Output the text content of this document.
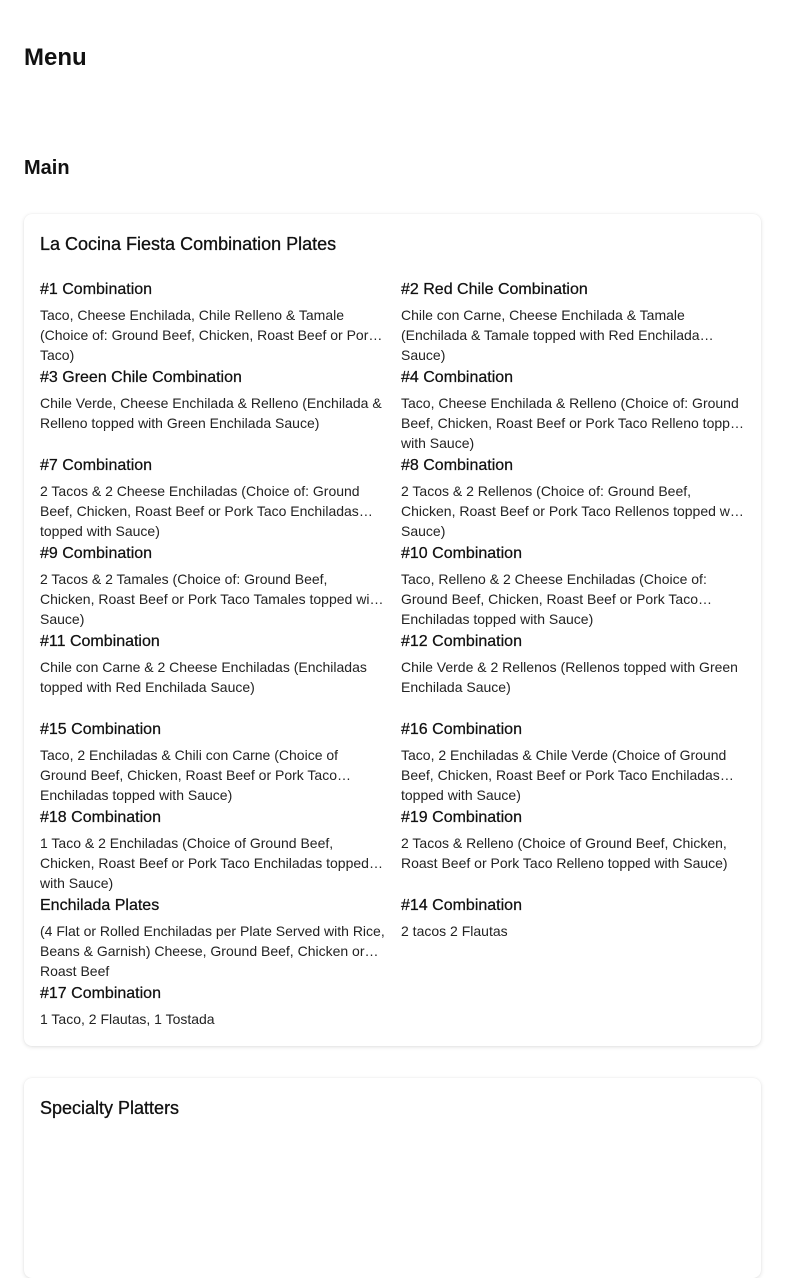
Menu
Main
La Cocina Fiesta Combination Plates

#1 Combination

Taco, Cheese Enchilada, Chile Relleno & Tamale (Choice of: Ground Beef, Chicken, Roast Beef or Pork Taco)

#2 Red Chile Combination

Chile con Carne, Cheese Enchilada & Tamale (Enchilada & Tamale topped with Red Enchilada Sauce)

#3 Green Chile Combination

Chile Verde, Cheese Enchilada & Relleno (Enchilada & Relleno topped with Green Enchilada Sauce)

#4 Combination

Taco, Cheese Enchilada & Relleno (Choice of: Ground Beef, Chicken, Roast Beef or Pork Taco Relleno topped with Sauce)

#7 Combination

2 Tacos & 2 Cheese Enchiladas (Choice of: Ground Beef, Chicken, Roast Beef or Pork Taco Enchiladas topped with Sauce)

#8 Combination

2 Tacos & 2 Rellenos (Choice of: Ground Beef, Chicken, Roast Beef or Pork Taco Rellenos topped with Sauce)

#9 Combination

2 Tacos & 2 Tamales (Choice of: Ground Beef, Chicken, Roast Beef or Pork Taco Tamales topped with Sauce)

#10 Combination

Taco, Relleno & 2 Cheese Enchiladas (Choice of: Ground Beef, Chicken, Roast Beef or Pork Taco Enchiladas topped with Sauce)

#11 Combination

Chile con Carne & 2 Cheese Enchiladas (Enchiladas topped with Red Enchilada Sauce)

#12 Combination

Chile Verde & 2 Rellenos (Rellenos topped with Green Enchilada Sauce)

#15 Combination

Taco, 2 Enchiladas & Chili con Carne (Choice of Ground Beef, Chicken, Roast Beef or Pork Taco Enchiladas topped with Sauce)

#16 Combination

Taco, 2 Enchiladas & Chile Verde (Choice of Ground Beef, Chicken, Roast Beef or Pork Taco Enchiladas topped with Sauce)

#18 Combination

1 Taco & 2 Enchiladas (Choice of Ground Beef, Chicken, Roast Beef or Pork Taco Enchiladas topped with Sauce)

#19 Combination

2 Tacos & Relleno (Choice of Ground Beef, Chicken, Roast Beef or Pork Taco Relleno topped with Sauce)

Enchilada Plates

(4 Flat or Rolled Enchiladas per Plate Served with Rice, Beans & Garnish) Cheese, Ground Beef, Chicken or Roast Beef

#14 Combination

2 tacos 2 Flautas

#17 Combination

1 Taco, 2 Flautas, 1 Tostada

Specialty Platters
